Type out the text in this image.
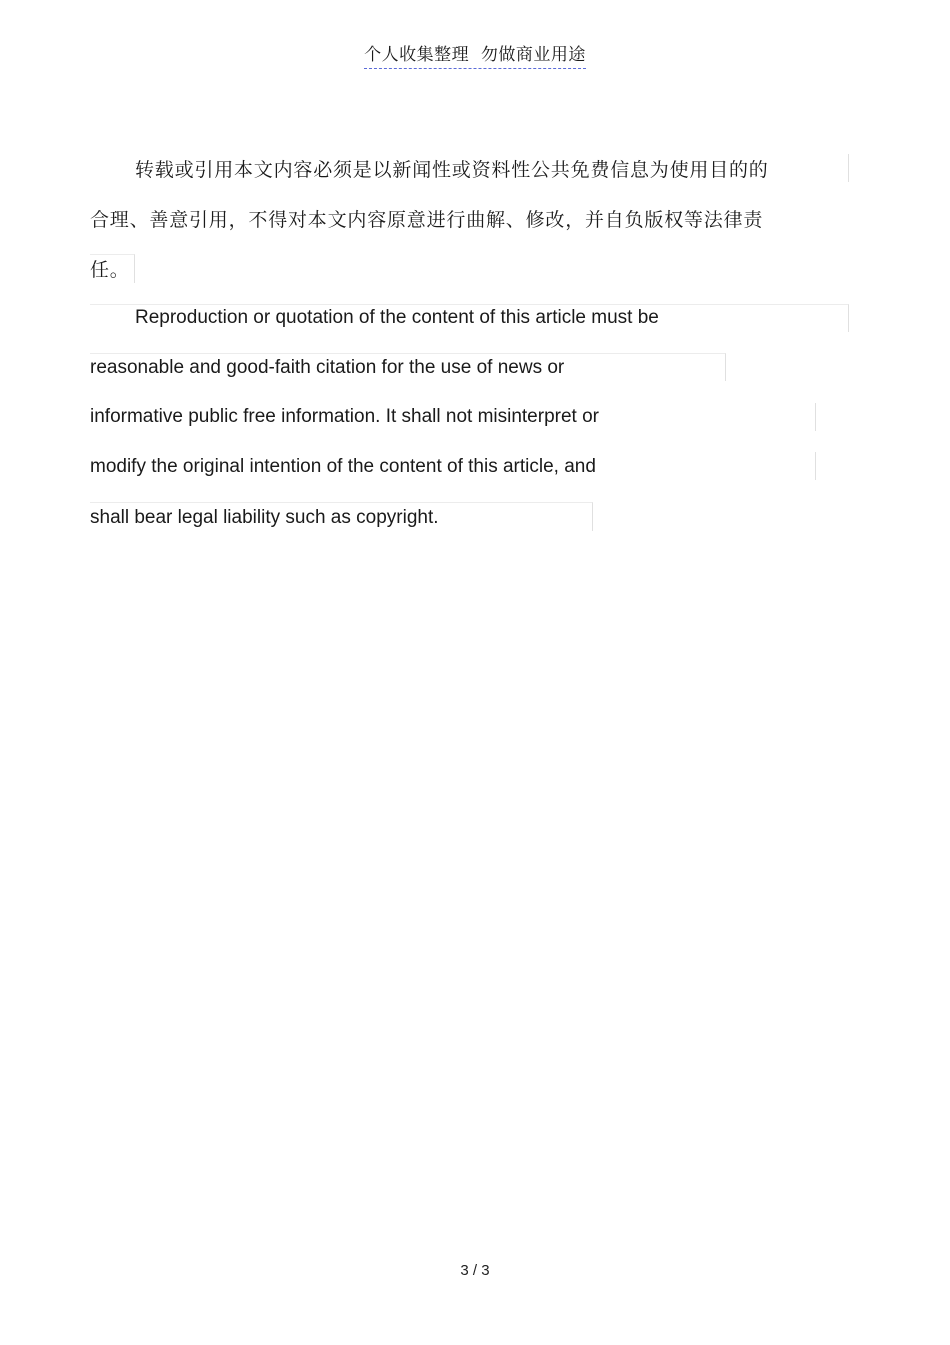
个人收集整理  勿做商业用途
转载或引用本文内容必须是以新闻性或资料性公共免费信息为使用目的的
合理、善意引用，不得对本文内容原意进行曲解、修改，并自负版权等法律责
任。
Reproduction or quotation of the content of this article must be
reasonable and good-faith citation for the use of news or
informative public free information. It shall not misinterpret or
modify the original intention of the content of this article, and
shall bear legal liability such as copyright.
3 / 3
